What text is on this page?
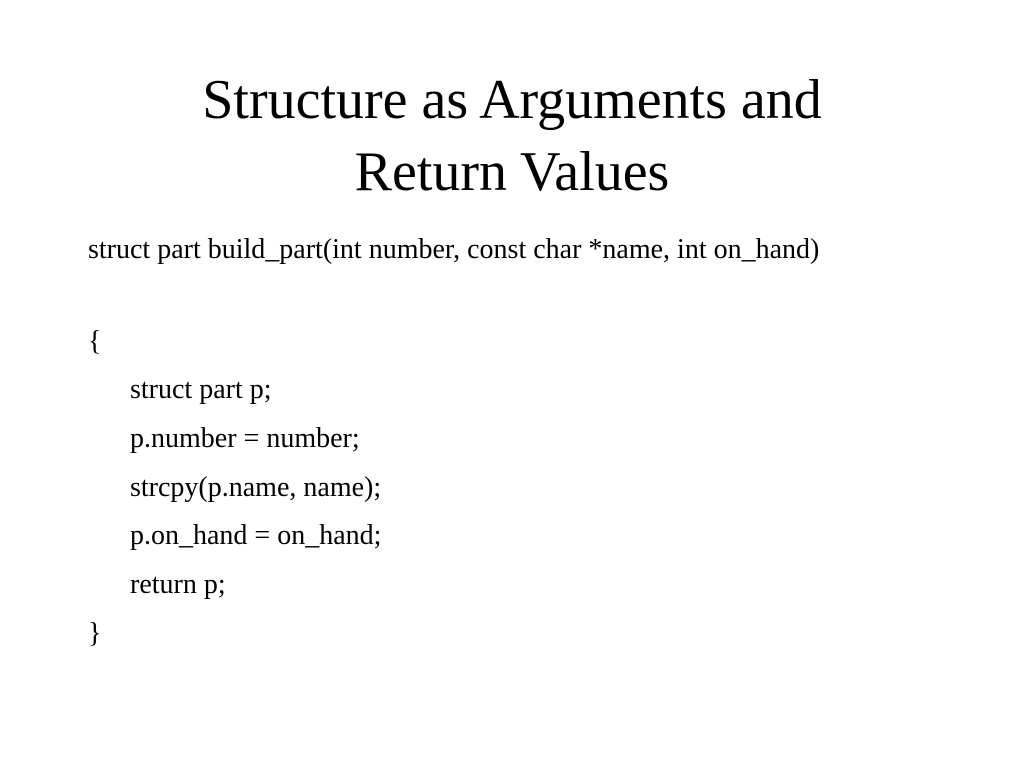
Structure as Arguments and
Return Values
struct part build_part(int number, const char *name, int on_hand)
{
struct part p;
p.number = number;
strcpy(p.name, name);
p.on_hand = on_hand;
return p;
}
